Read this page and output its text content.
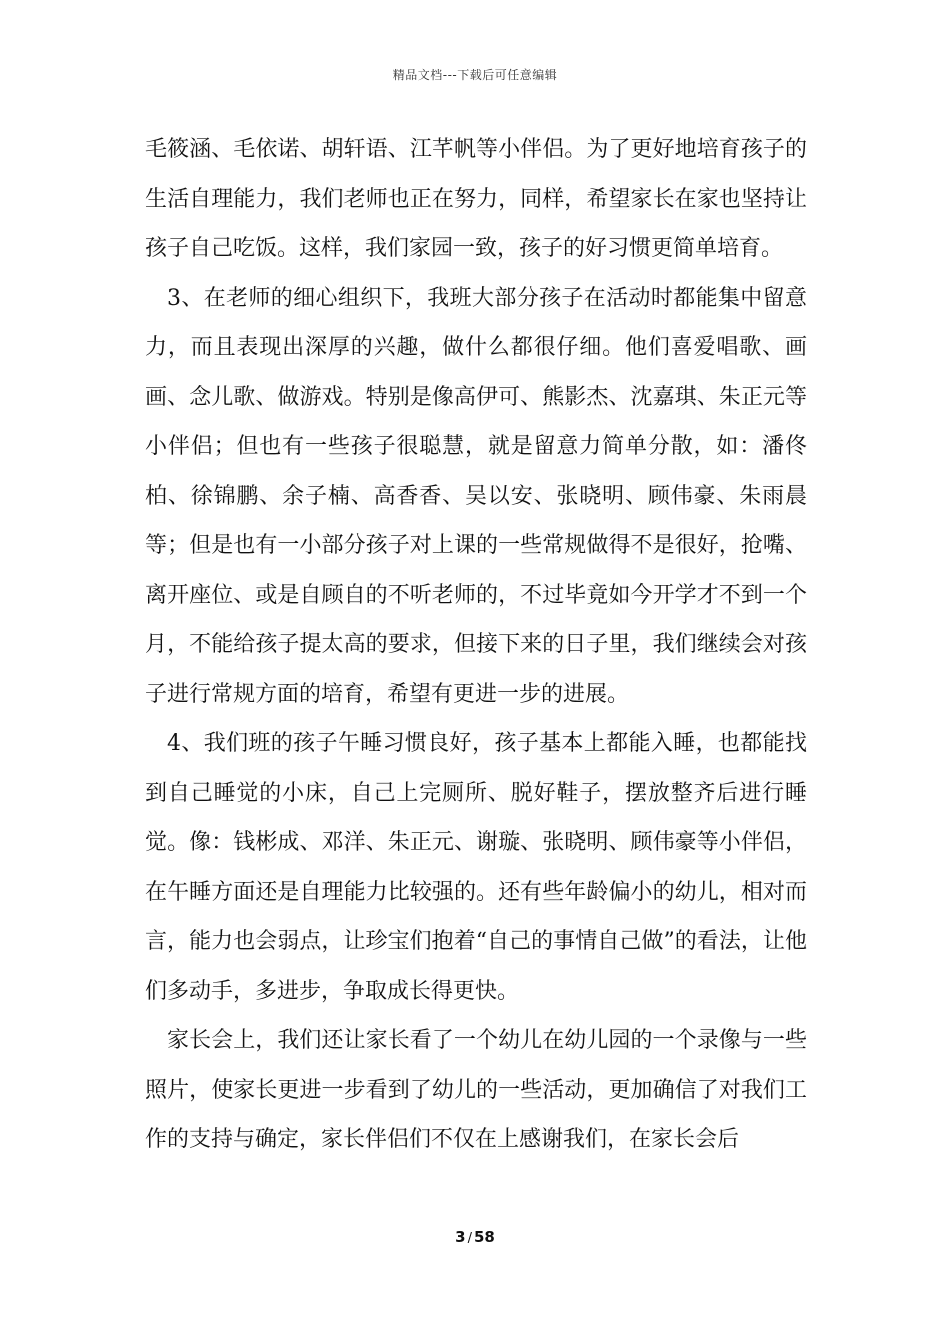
精品文档---下载后可任意编辑

毛筱涵、毛依诺、胡轩语、江芊帆等小伴侣。为了更好地培育孩子的生活自理能力，我们老师也正在努力，同样，希望家长在家也坚持让孩子自己吃饭。这样，我们家园一致，孩子的好习惯更简单培育。

3、在老师的细心组织下，我班大部分孩子在活动时都能集中留意力，而且表现出深厚的兴趣，做什么都很仔细。他们喜爱唱歌、画画、念儿歌、做游戏。特别是像高伊可、熊影杰、沈嘉琪、朱正元等小伴侣；但也有一些孩子很聪慧，就是留意力简单分散，如：潘佟柏、徐锦鹏、余子楠、高香香、吴以安、张晓明、顾伟豪、朱雨晨等；但是也有一小部分孩子对上课的一些常规做得不是很好，抢嘴、离开座位、或是自顾自的不听老师的，不过毕竟如今开学才不到一个月，不能给孩子提太高的要求，但接下来的日子里，我们继续会对孩子进行常规方面的培育，希望有更进一步的进展。

4、我们班的孩子午睡习惯良好，孩子基本上都能入睡，也都能找到自己睡觉的小床，自己上完厕所、脱好鞋子，摆放整齐后进行睡觉。像：钱彬成、邓洋、朱正元、谢璇、张晓明、顾伟豪等小伴侣，在午睡方面还是自理能力比较强的。还有些年龄偏小的幼儿，相对而言，能力也会弱点，让珍宝们抱着“自己的事情自己做”的看法，让他们多动手，多进步，争取成长得更快。

家长会上，我们还让家长看了一个幼儿在幼儿园的一个录像与一些照片，使家长更进一步看到了幼儿的一些活动，更加确信了对我们工作的支持与确定，家长伴侣们不仅在上感谢我们，在家长会后

3 / 58
